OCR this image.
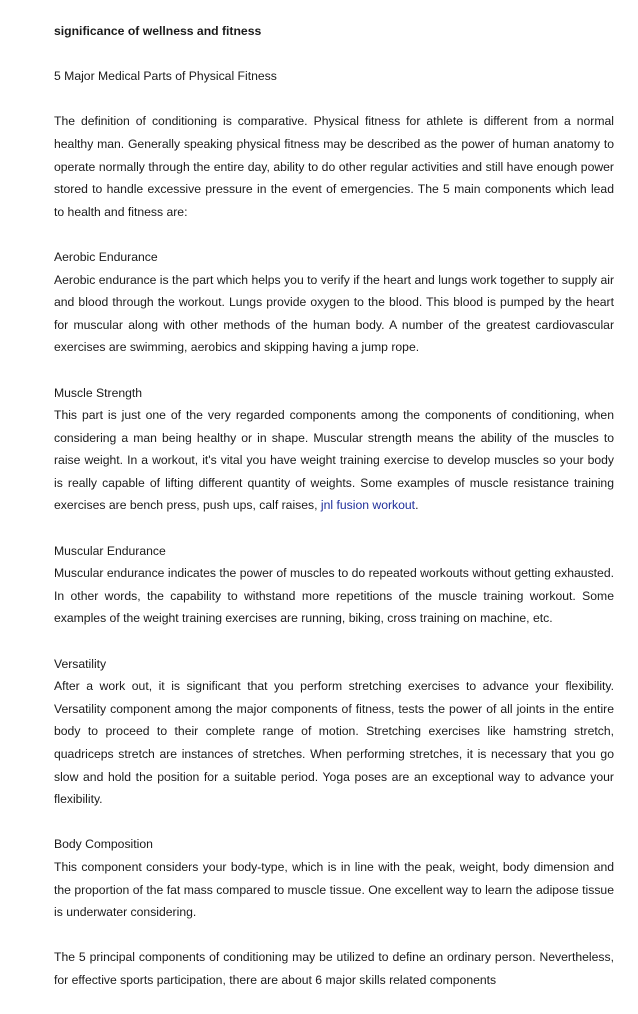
significance of wellness and fitness
5 Major Medical Parts of Physical Fitness
The definition of conditioning is comparative. Physical fitness for athlete is different from a normal healthy man. Generally speaking physical fitness may be described as the power of human anatomy to operate normally through the entire day, ability to do other regular activities and still have enough power stored to handle excessive pressure in the event of emergencies. The 5 main components which lead to health and fitness are:
Aerobic Endurance
Aerobic endurance is the part which helps you to verify if the heart and lungs work together to supply air and blood through the workout. Lungs provide oxygen to the blood. This blood is pumped by the heart for muscular along with other methods of the human body. A number of the greatest cardiovascular exercises are swimming, aerobics and skipping having a jump rope.
Muscle Strength
This part is just one of the very regarded components among the components of conditioning, when considering a man being healthy or in shape. Muscular strength means the ability of the muscles to raise weight. In a workout, it's vital you have weight training exercise to develop muscles so your body is really capable of lifting different quantity of weights. Some examples of muscle resistance training exercises are bench press, push ups, calf raises, jnl fusion workout.
Muscular Endurance
Muscular endurance indicates the power of muscles to do repeated workouts without getting exhausted. In other words, the capability to withstand more repetitions of the muscle training workout. Some examples of the weight training exercises are running, biking, cross training on machine, etc.
Versatility
After a work out, it is significant that you perform stretching exercises to advance your flexibility. Versatility component among the major components of fitness, tests the power of all joints in the entire body to proceed to their complete range of motion. Stretching exercises like hamstring stretch, quadriceps stretch are instances of stretches. When performing stretches, it is necessary that you go slow and hold the position for a suitable period. Yoga poses are an exceptional way to advance your flexibility.
Body Composition
This component considers your body-type, which is in line with the peak, weight, body dimension and the proportion of the fat mass compared to muscle tissue. One excellent way to learn the adipose tissue is underwater considering.
The 5 principal components of conditioning may be utilized to define an ordinary person. Nevertheless, for effective sports participation, there are about 6 major skills related components
